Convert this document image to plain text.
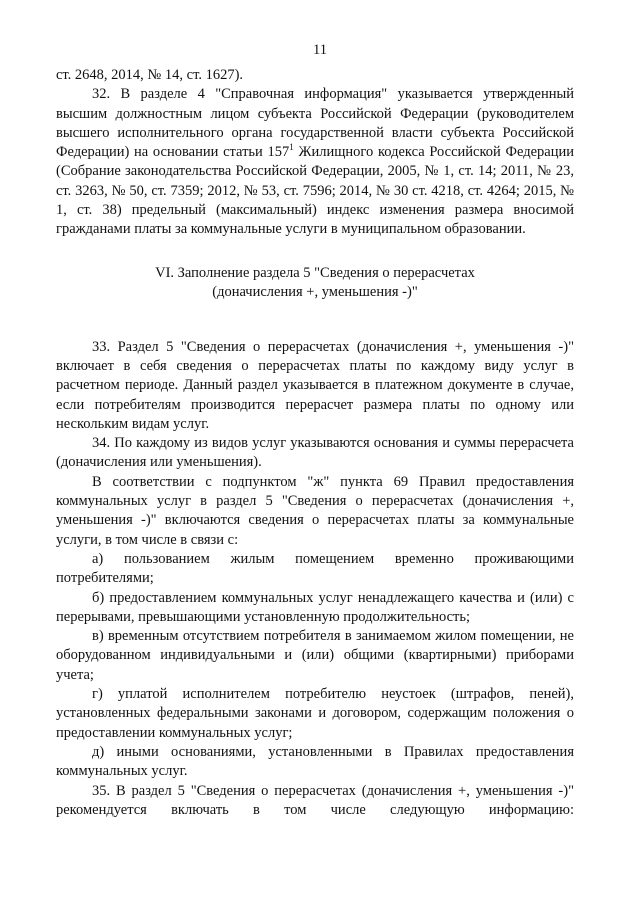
11

ст. 2648, 2014, № 14, ст. 1627).

32. В разделе 4 "Справочная информация" указывается утвержденный высшим должностным лицом субъекта Российской Федерации (руководителем высшего исполнительного органа государственной власти субъекта Российской Федерации) на основании статьи $157^1$ Жилищного кодекса Российской Федерации (Собрание законодательства Российской Федерации, 2005, № 1, ст. 14; 2011, № 23, ст. 3263, № 50, ст. 7359; 2012, № 53, ст. 7596; 2014, № 30 ст. 4218, ст. 4264; 2015, № 1, ст. 38) предельный (максимальный) индекс изменения размера вносимой гражданами платы за коммунальные услуги в муниципальном образовании.

VI. Заполнение раздела 5 "Сведения о перерасчетах
(доначисления +, уменьшения -)"

33. Раздел 5 "Сведения о перерасчетах (доначисления +, уменьшения -)" включает в себя сведения о перерасчетах платы по каждому виду услуг в расчетном периоде. Данный раздел указывается в платежном документе в случае, если потребителям производится перерасчет размера платы по одному или нескольким видам услуг.

34. По каждому из видов услуг указываются основания и суммы перерасчета (доначисления или уменьшения).

В соответствии с подпунктом "ж" пункта 69 Правил предоставления коммунальных услуг в раздел 5 "Сведения о перерасчетах (доначисления +, уменьшения -)" включаются сведения о перерасчетах платы за коммунальные услуги, в том числе в связи с:

а) пользованием жилым помещением временно проживающими потребителями;

б) предоставлением коммунальных услуг ненадлежащего качества и (или) с перерывами, превышающими установленную продолжительность;

в) временным отсутствием потребителя в занимаемом жилом помещении, не оборудованном индивидуальными и (или) общими (квартирными) приборами учета;

г) уплатой исполнителем потребителю неустоек (штрафов, пеней), установленных федеральными законами и договором, содержащим положения о предоставлении коммунальных услуг;

д) иными основаниями, установленными в Правилах предоставления коммунальных услуг.

35. В раздел 5 "Сведения о перерасчетах (доначисления +, уменьшения -)" рекомендуется включать в том числе следующую информацию:
